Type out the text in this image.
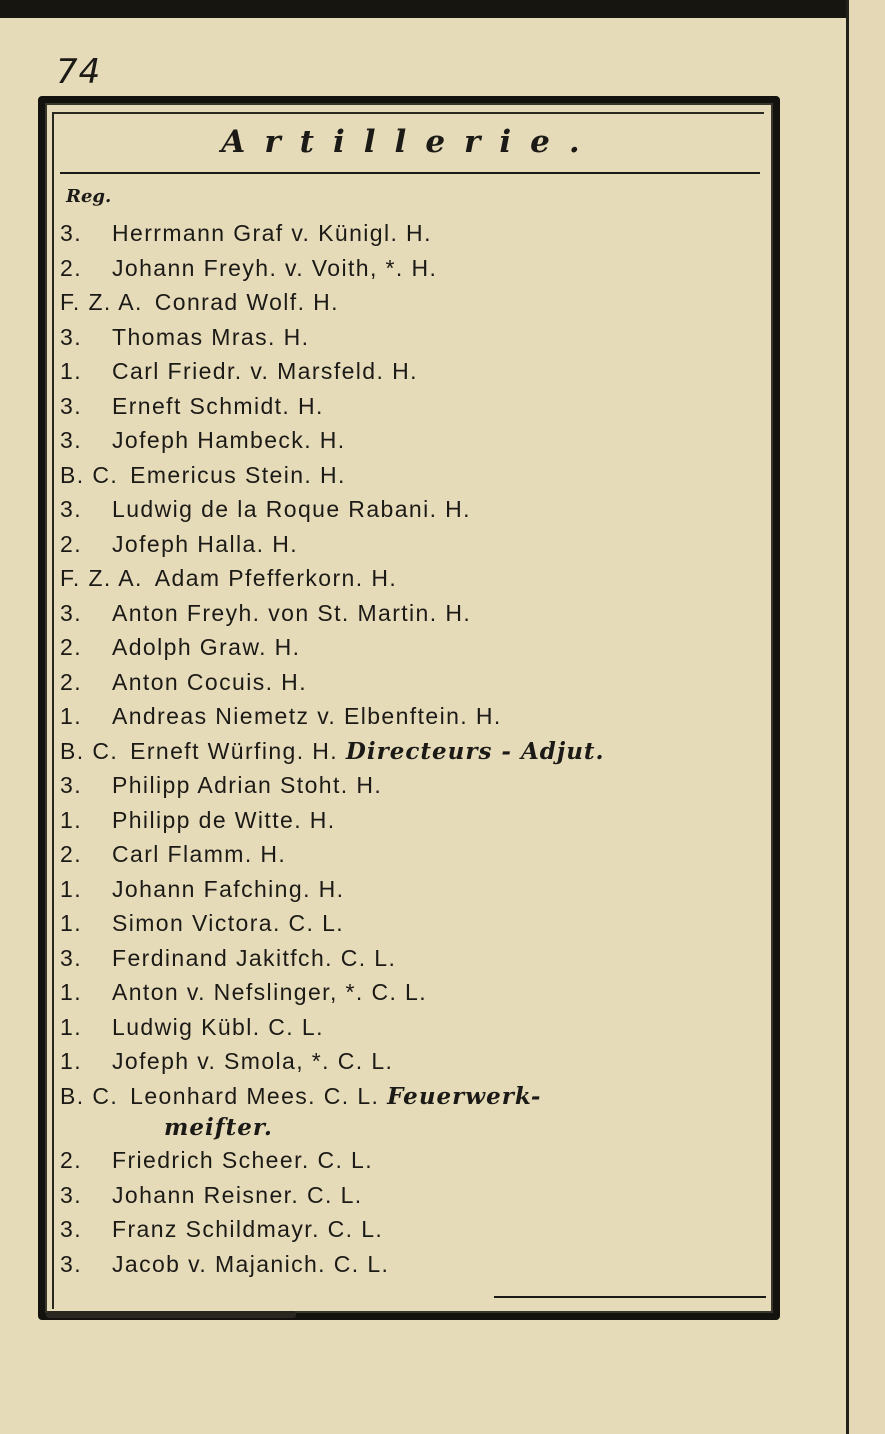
74
Artillerie.
Reg.
3. Herrmann Graf v. Künigl. H.
2. Johann Freyh. v. Voith, *. H.
F. Z. A. Conrad Wolf. H.
3. Thomas Mras. H.
1. Carl Friedr. v. Marsfeld. H.
3. Erneft Schmidt. H.
3. Jofeph Hambeck. H.
B. C. Emericus Stein. H.
3. Ludwig de la Roque Rabani. H.
2. Jofeph Halla. H.
F. Z. A. Adam Pfefferkorn. H.
3. Anton Freyh. von St. Martin. H.
2. Adolph Graw. H.
2. Anton Cocuis. H.
1. Andreas Niemetz v. Elbenftein. H.
B. C. Erneft Würfing. H. Directeurs - Adjut.
3. Philipp Adrian Stoht. H.
1. Philipp de Witte. H.
2. Carl Flamm. H.
1. Johann Fafching. H.
1. Simon Victora. C. L.
3. Ferdinand Jakitfch. C. L.
1. Anton v. Nefslinger, *. C. L.
1. Ludwig Kübl. C. L.
1. Jofeph v. Smola, *. C. L.
B. C. Leonhard Mees. C. L. Feuerwerk-
meifter.
2. Friedrich Scheer. C. L.
3. Johann Reisner. C. L.
3. Franz Schildmayr. C. L.
3. Jacob v. Majanich. C. L.
